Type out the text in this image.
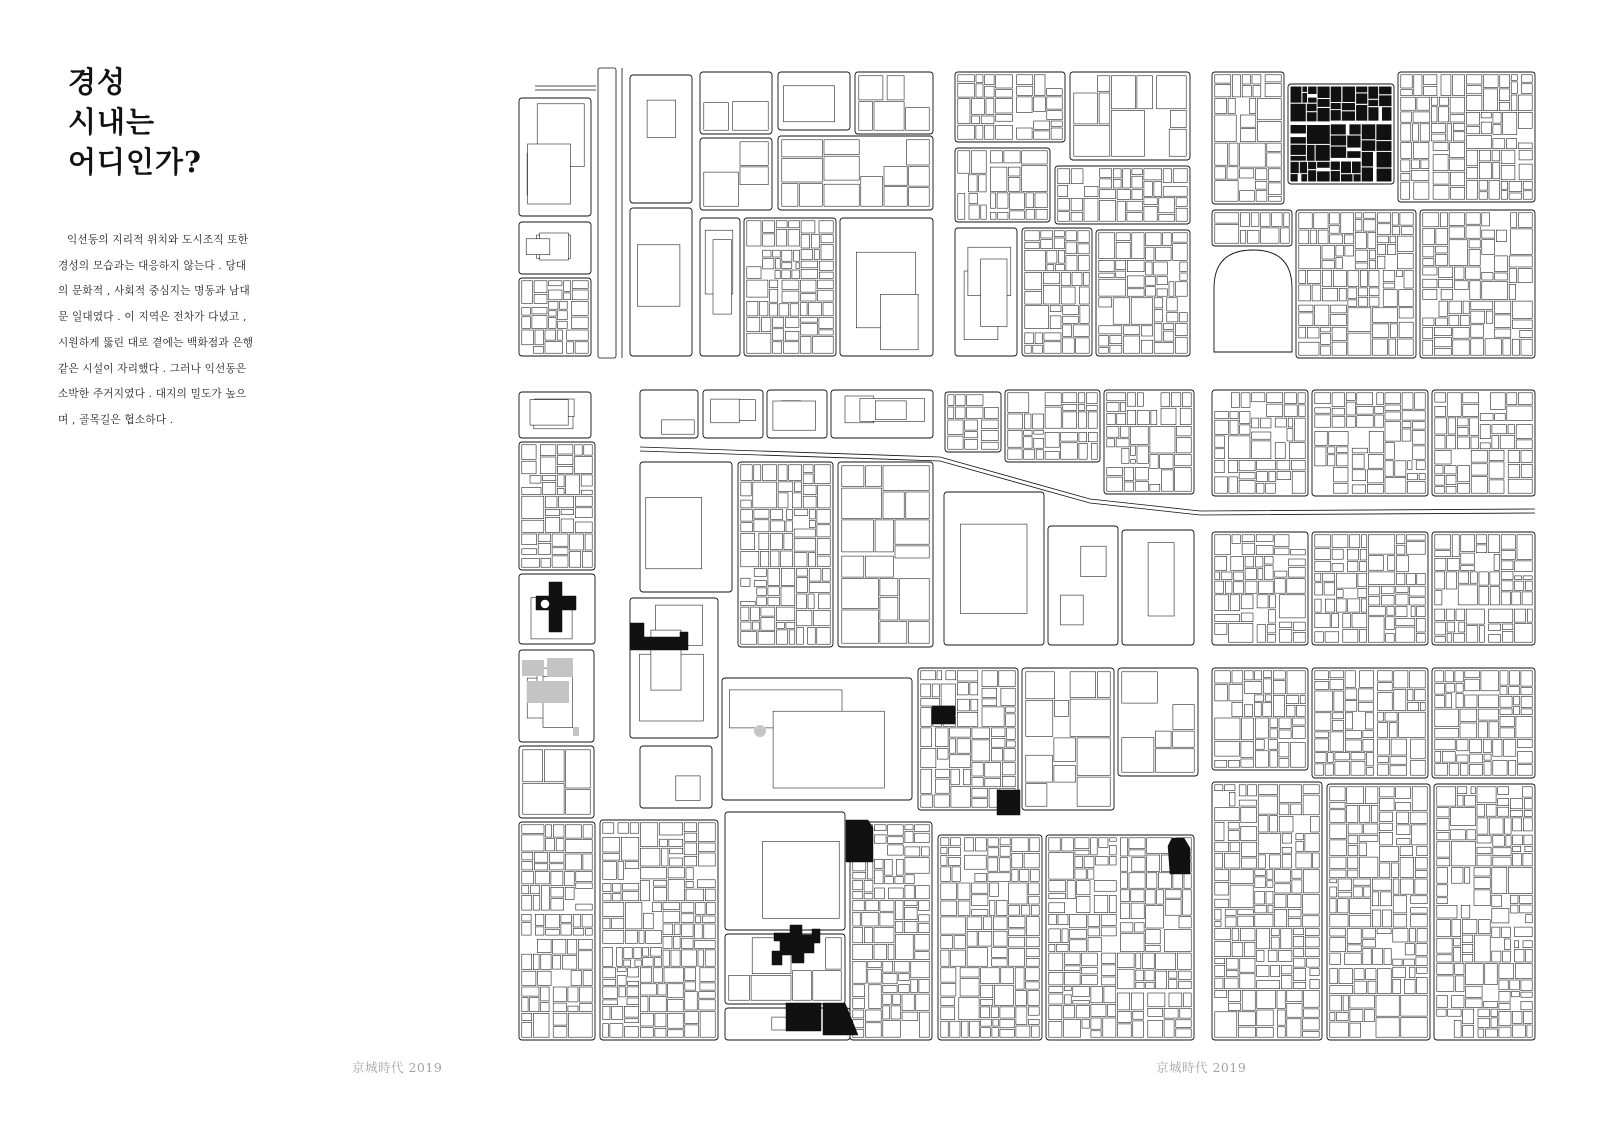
경성
시내는
어디인가?
익선동의 지리적 위치와 도시조직 또한
경성의 모습과는 대응하지 않는다 . 당대
의 문화적 , 사회적 중심지는 명동과 남대
문 일대였다 . 이 지역은 전차가 다녔고 ,
시원하게 뚫린 대로 곁에는 백화점과 은행
같은 시설이 자리했다 . 그러나 익선동은
소박한 주거지였다 . 대지의 밀도가 높으
며 , 골목길은 협소하다 .
京城時代 2019	京城時代 2019
